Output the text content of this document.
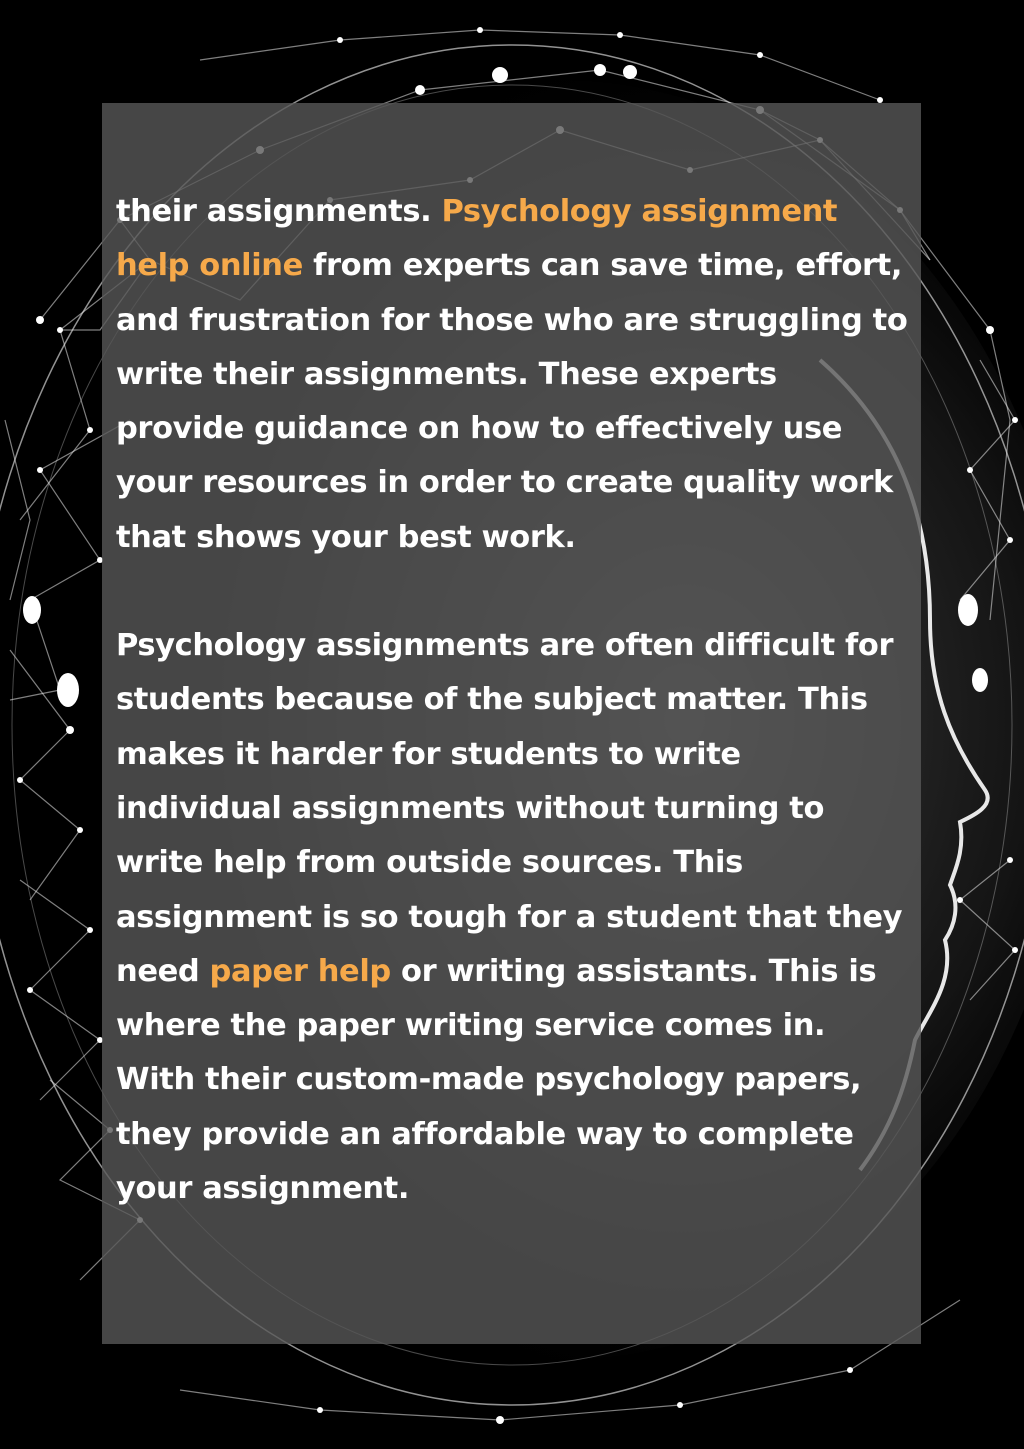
their assignments. Psychology assignment help online from experts can save time, effort, and frustration for those who are struggling to write their assignments. These experts provide guidance on how to effectively use your resources in order to create quality work that shows your best work.

Psychology assignments are often difficult for students because of the subject matter. This makes it harder for students to write individual assignments without turning to write help from outside sources. This assignment is so tough for a student that they need paper help or writing assistants. This is where the paper writing service comes in. With their custom-made psychology papers, they provide an affordable way to complete your assignment.
